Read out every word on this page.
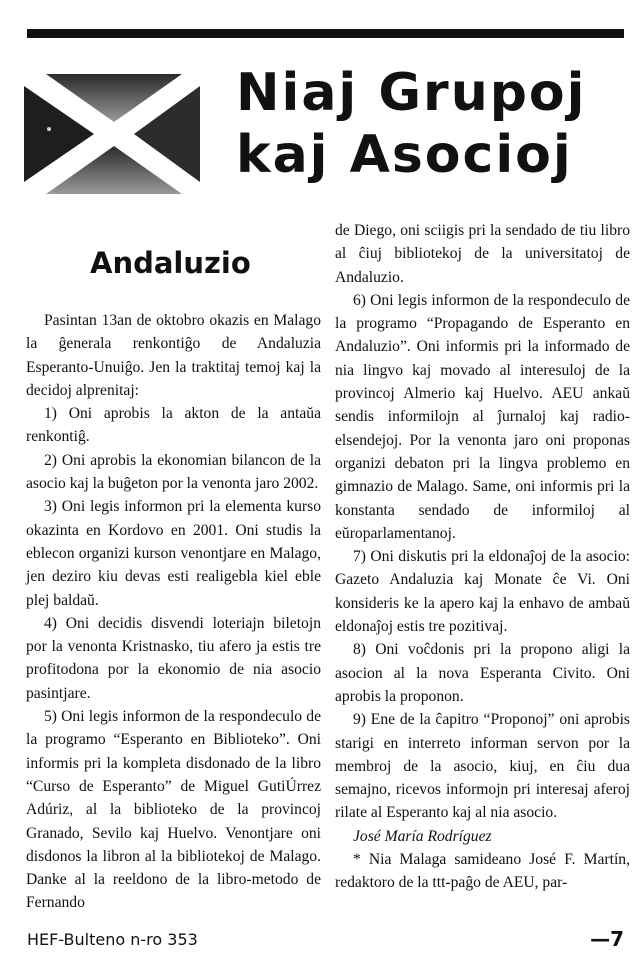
Niaj Grupoj
kaj Asocioj
Andaluzio

Pasintan 13an de oktobro okazis en Malago la ĝenerala renkontiĝo de Andaluzia Esperanto-Unuiĝo. Jen la traktitaj temoj kaj la decidoj alprenitaj:

1) Oni aprobis la akton de la antaŭa renkontiĝ.

2) Oni aprobis la ekonomian bilancon de la asocio kaj la buĝeton por la venonta jaro 2002.

3) Oni legis informon pri la elementa kurso okazinta en Kordovo en 2001. Oni studis la eblecon organizi kurson venontjare en Malago, jen deziro kiu devas esti realigebla kiel eble plej baldaŭ.

4) Oni decidis disvendi loteriajn biletojn por la venonta Kristnasko, tiu afero ja estis tre profitodona por la ekonomio de nia asocio pasintjare.

5) Oni legis informon de la respondeculo de la programo “Esperanto en Biblioteko”. Oni informis pri la kompleta disdonado de la libro “Curso de Esperanto” de Miguel GutiÚrrez Adúriz, al la biblioteko de la provincoj Granado, Sevilo kaj Huelvo. Venontjare oni disdonos la libron al la bibliotekoj de Malago. Danke al la reeldono de la libro-metodo de Fernando

de Diego, oni sciigis pri la sendado de tiu libro al ĉiuj bibliotekoj de la universitatoj de Andaluzio.

6) Oni legis informon de la respondeculo de la programo “Propagando de Esperanto en Andaluzio”. Oni informis pri la informado de nia lingvo kaj movado al interesuloj de la provincoj Almerio kaj Huelvo. AEU ankaŭ sendis informilojn al ĵurnaloj kaj radio-elsendejoj. Por la venonta jaro oni proponas organizi debaton pri la lingva problemo en gimnazio de Malago. Same, oni informis pri la konstanta sendado de informiloj al eŭroparlamentanoj.

7) Oni diskutis pri la eldonaĵoj de la asocio: Gazeto Andaluzia kaj Monate ĉe Vi. Oni konsideris ke la apero kaj la enhavo de ambaŭ eldonaĵoj estis tre pozitivaj.

8) Oni voĉdonis pri la propono aligi la asocion al la nova Esperanta Civito. Oni aprobis la proponon.

9) Ene de la ĉapitro “Proponoj” oni aprobis starigi en interreto informan servon por la membroj de la asocio, kiuj, en ĉiu dua semajno, ricevos informojn pri interesaj aferoj rilate al Esperanto kaj al nia asocio.

José María Rodríguez

* Nia Malaga samideano José F. Martín, redaktoro de la ttt-paĝo de AEU, par-

HEF-Bulteno n-ro 353	—7
